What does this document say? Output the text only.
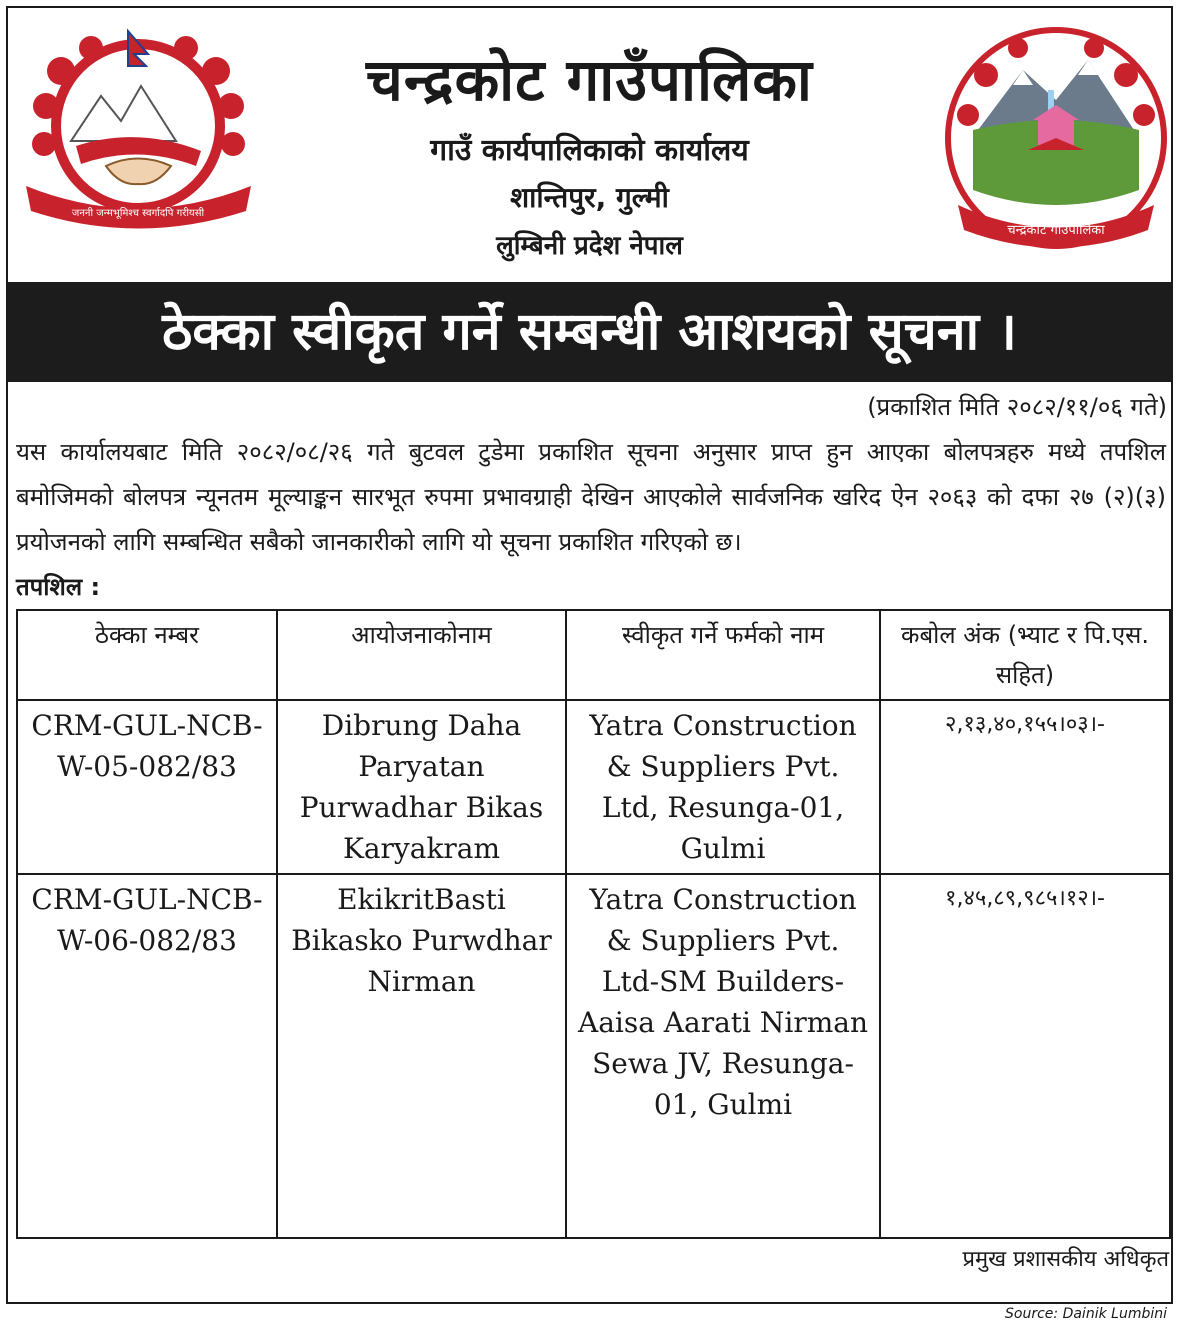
जननी जन्मभूमिश्च स्वर्गादपि गरीयसी
चन्द्रकोट गाउँपालिका
गाउँ कार्यपालिकाको कार्यालय
शान्तिपुर, गुल्मी
लुम्बिनी प्रदेश नेपाल
चन्द्रकोट गाउँपालिका
ठेक्का स्वीकृत गर्ने सम्बन्धी आशयको सूचना ।
(प्रकाशित मिति २०८२/११/०६ गते)
यस कार्यालयबाट मिति २०८२/०८/२६ गते बुटवल टुडेमा प्रकाशित सूचना अनुसार प्राप्त हुन आएका बोलपत्रहरु मध्ये तपशिल बमोजिमको बोलपत्र न्यूनतम मूल्याङ्कन सारभूत रुपमा प्रभावग्राही देखिन आएकोले सार्वजनिक खरिद ऐन २०६३ को दफा २७ (२)(३) प्रयोजनको लागि सम्बन्धित सबैको जानकारीको लागि यो सूचना प्रकाशित गरिएको छ।
तपशिल :
ठेक्का नम्बर	आयोजनाकोनाम	स्वीकृत गर्ने फर्मको नाम	कबोल अंक (भ्याट र पि.एस. सहित)
CRM-GUL-NCB-W-05-082/83	Dibrung Daha Paryatan Purwadhar Bikas Karyakram	Yatra Construction & Suppliers Pvt. Ltd, Resunga-01, Gulmi	२,१३,४०,१५५।०३।-
CRM-GUL-NCB-W-06-082/83	EkikritBasti Bikasko Purwdhar Nirman	Yatra Construction & Suppliers Pvt. Ltd-SM Builders-Aaisa Aarati Nirman Sewa JV, Resunga-01, Gulmi	१,४५,८९,९८५।१२।-
प्रमुख प्रशासकीय अधिकृत
Source: Dainik Lumbini
